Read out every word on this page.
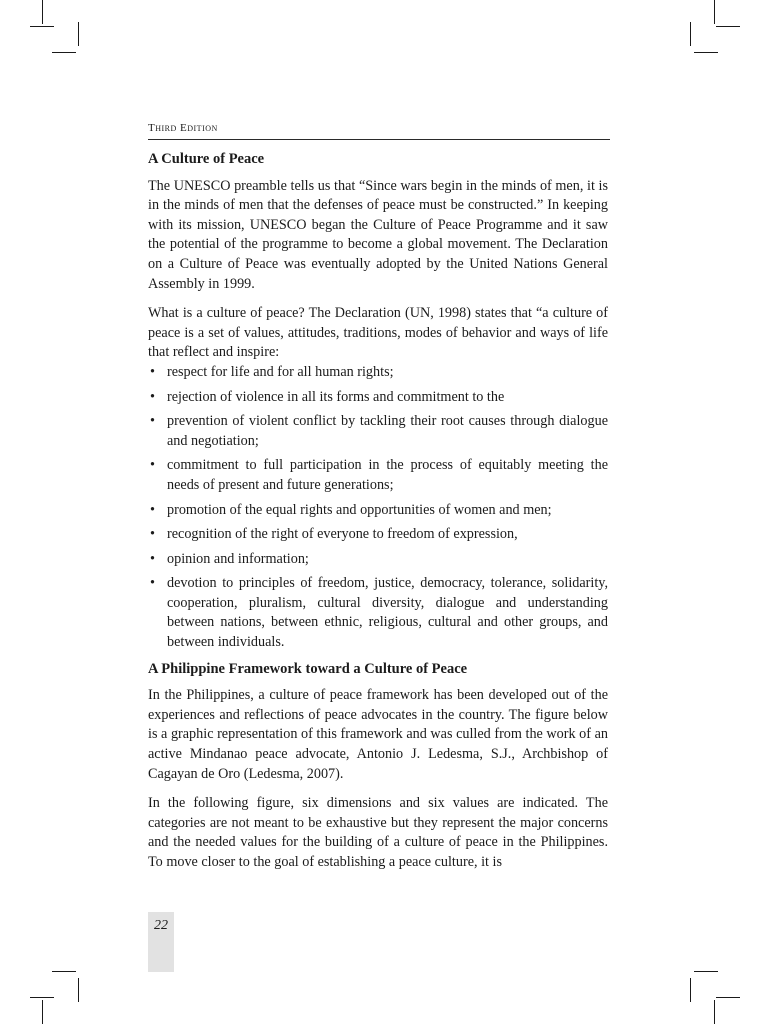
Third Edition
A Culture of Peace

The UNESCO preamble tells us that “Since wars begin in the minds of men, it is in the minds of men that the defenses of peace must be constructed.” In keeping with its mission, UNESCO began the Culture of Peace Programme and it saw the potential of the programme to become a global movement. The Declaration on a Culture of Peace was eventually adopted by the United Nations General Assembly in 1999.

What is a culture of peace? The Declaration (UN, 1998) states that “a culture of peace is a set of values, attitudes, traditions, modes of behavior and ways of life that reflect and inspire:

• respect for life and for all human rights;
• rejection of violence in all its forms and commitment to the
• prevention of violent conflict by tackling their root causes through dialogue and negotiation;
• commitment to full participation in the process of equitably meeting the needs of present and future generations;
• promotion of the equal rights and opportunities of women and men;
• recognition of the right of everyone to freedom of expression,
• opinion and information;
• devotion to principles of freedom, justice, democracy, tolerance, solidarity, cooperation, pluralism, cultural diversity, dialogue and understanding between nations, between ethnic, religious, cultural and other groups, and between individuals.
A Philippine Framework toward a Culture of Peace

In the Philippines, a culture of peace framework has been developed out of the experiences and reflections of peace advocates in the country. The figure below is a graphic representation of this framework and was culled from the work of an active Mindanao peace advocate, Antonio J. Ledesma, S.J., Archbishop of Cagayan de Oro (Ledesma, 2007).

In the following figure, six dimensions and six values are indicated. The categories are not meant to be exhaustive but they represent the major concerns and the needed values for the building of a culture of peace in the Philippines. To move closer to the goal of establishing a peace culture, it is

22
